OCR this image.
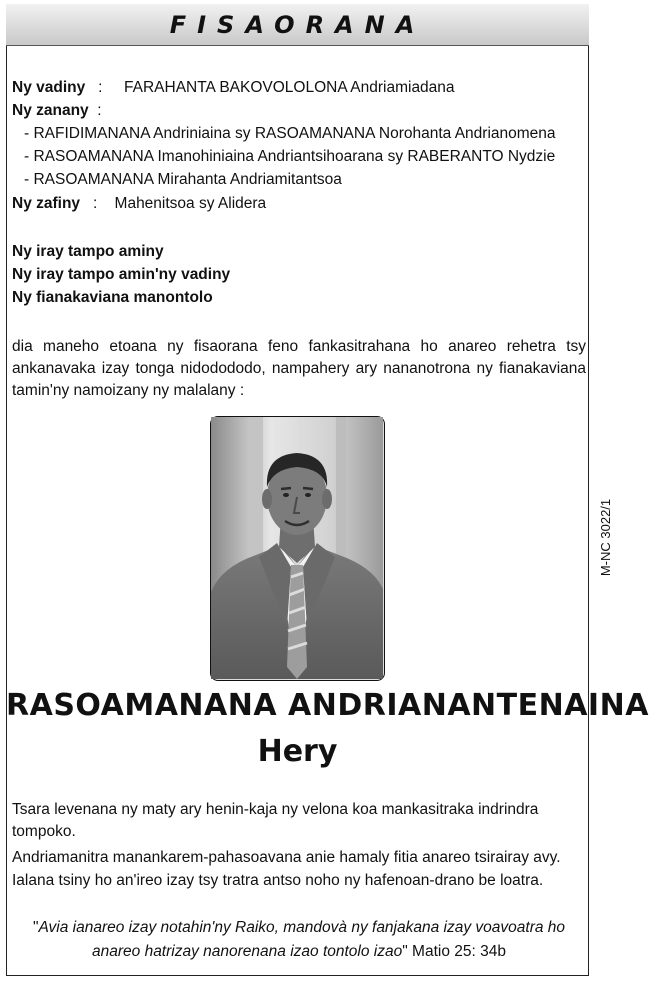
FISAORANA
Ny vadiny   :     FARAHANTA BAKOVOLOLONA Andriamiadana
Ny zanany  :
- RAFIDIMANANA Andriniaina sy RASOAMANANA Norohanta Andrianomena
- RASOAMANANA Imanohiniaina Andriantsihoarana sy RABERANTO Nydzie
- RASOAMANANA Mirahanta Andriamitantsoa
Ny zafiny   :    Mahenitsoa sy Alidera
Ny iray tampo aminy
Ny iray tampo amin'ny vadiny
Ny fianakaviana manontolo
dia maneho etoana ny fisaorana feno fankasitrahana ho anareo rehetra tsy ankanavaka izay tonga nidodododo, nampahery ary nananotrona ny fianakaviana tamin'ny namoizany ny malalany :
M-NC 3022/1
RASOAMANANA ANDRIANANTENAINA
Hery
Tsara levenana ny maty ary henin-kaja ny velona koa mankasitraka indrindra tompoko.
Andriamanitra manankarem-pahasoavana anie hamaly fitia anareo tsirairay avy.
Ialana tsiny ho an'ireo izay tsy tratra antso noho ny hafenoan-drano be loatra.
"Avia ianareo izay notahin'ny Raiko, mandovà ny fanjakana izay voavoatra ho anareo hatrizay nanorenana izao tontolo izao" Matio 25: 34b
